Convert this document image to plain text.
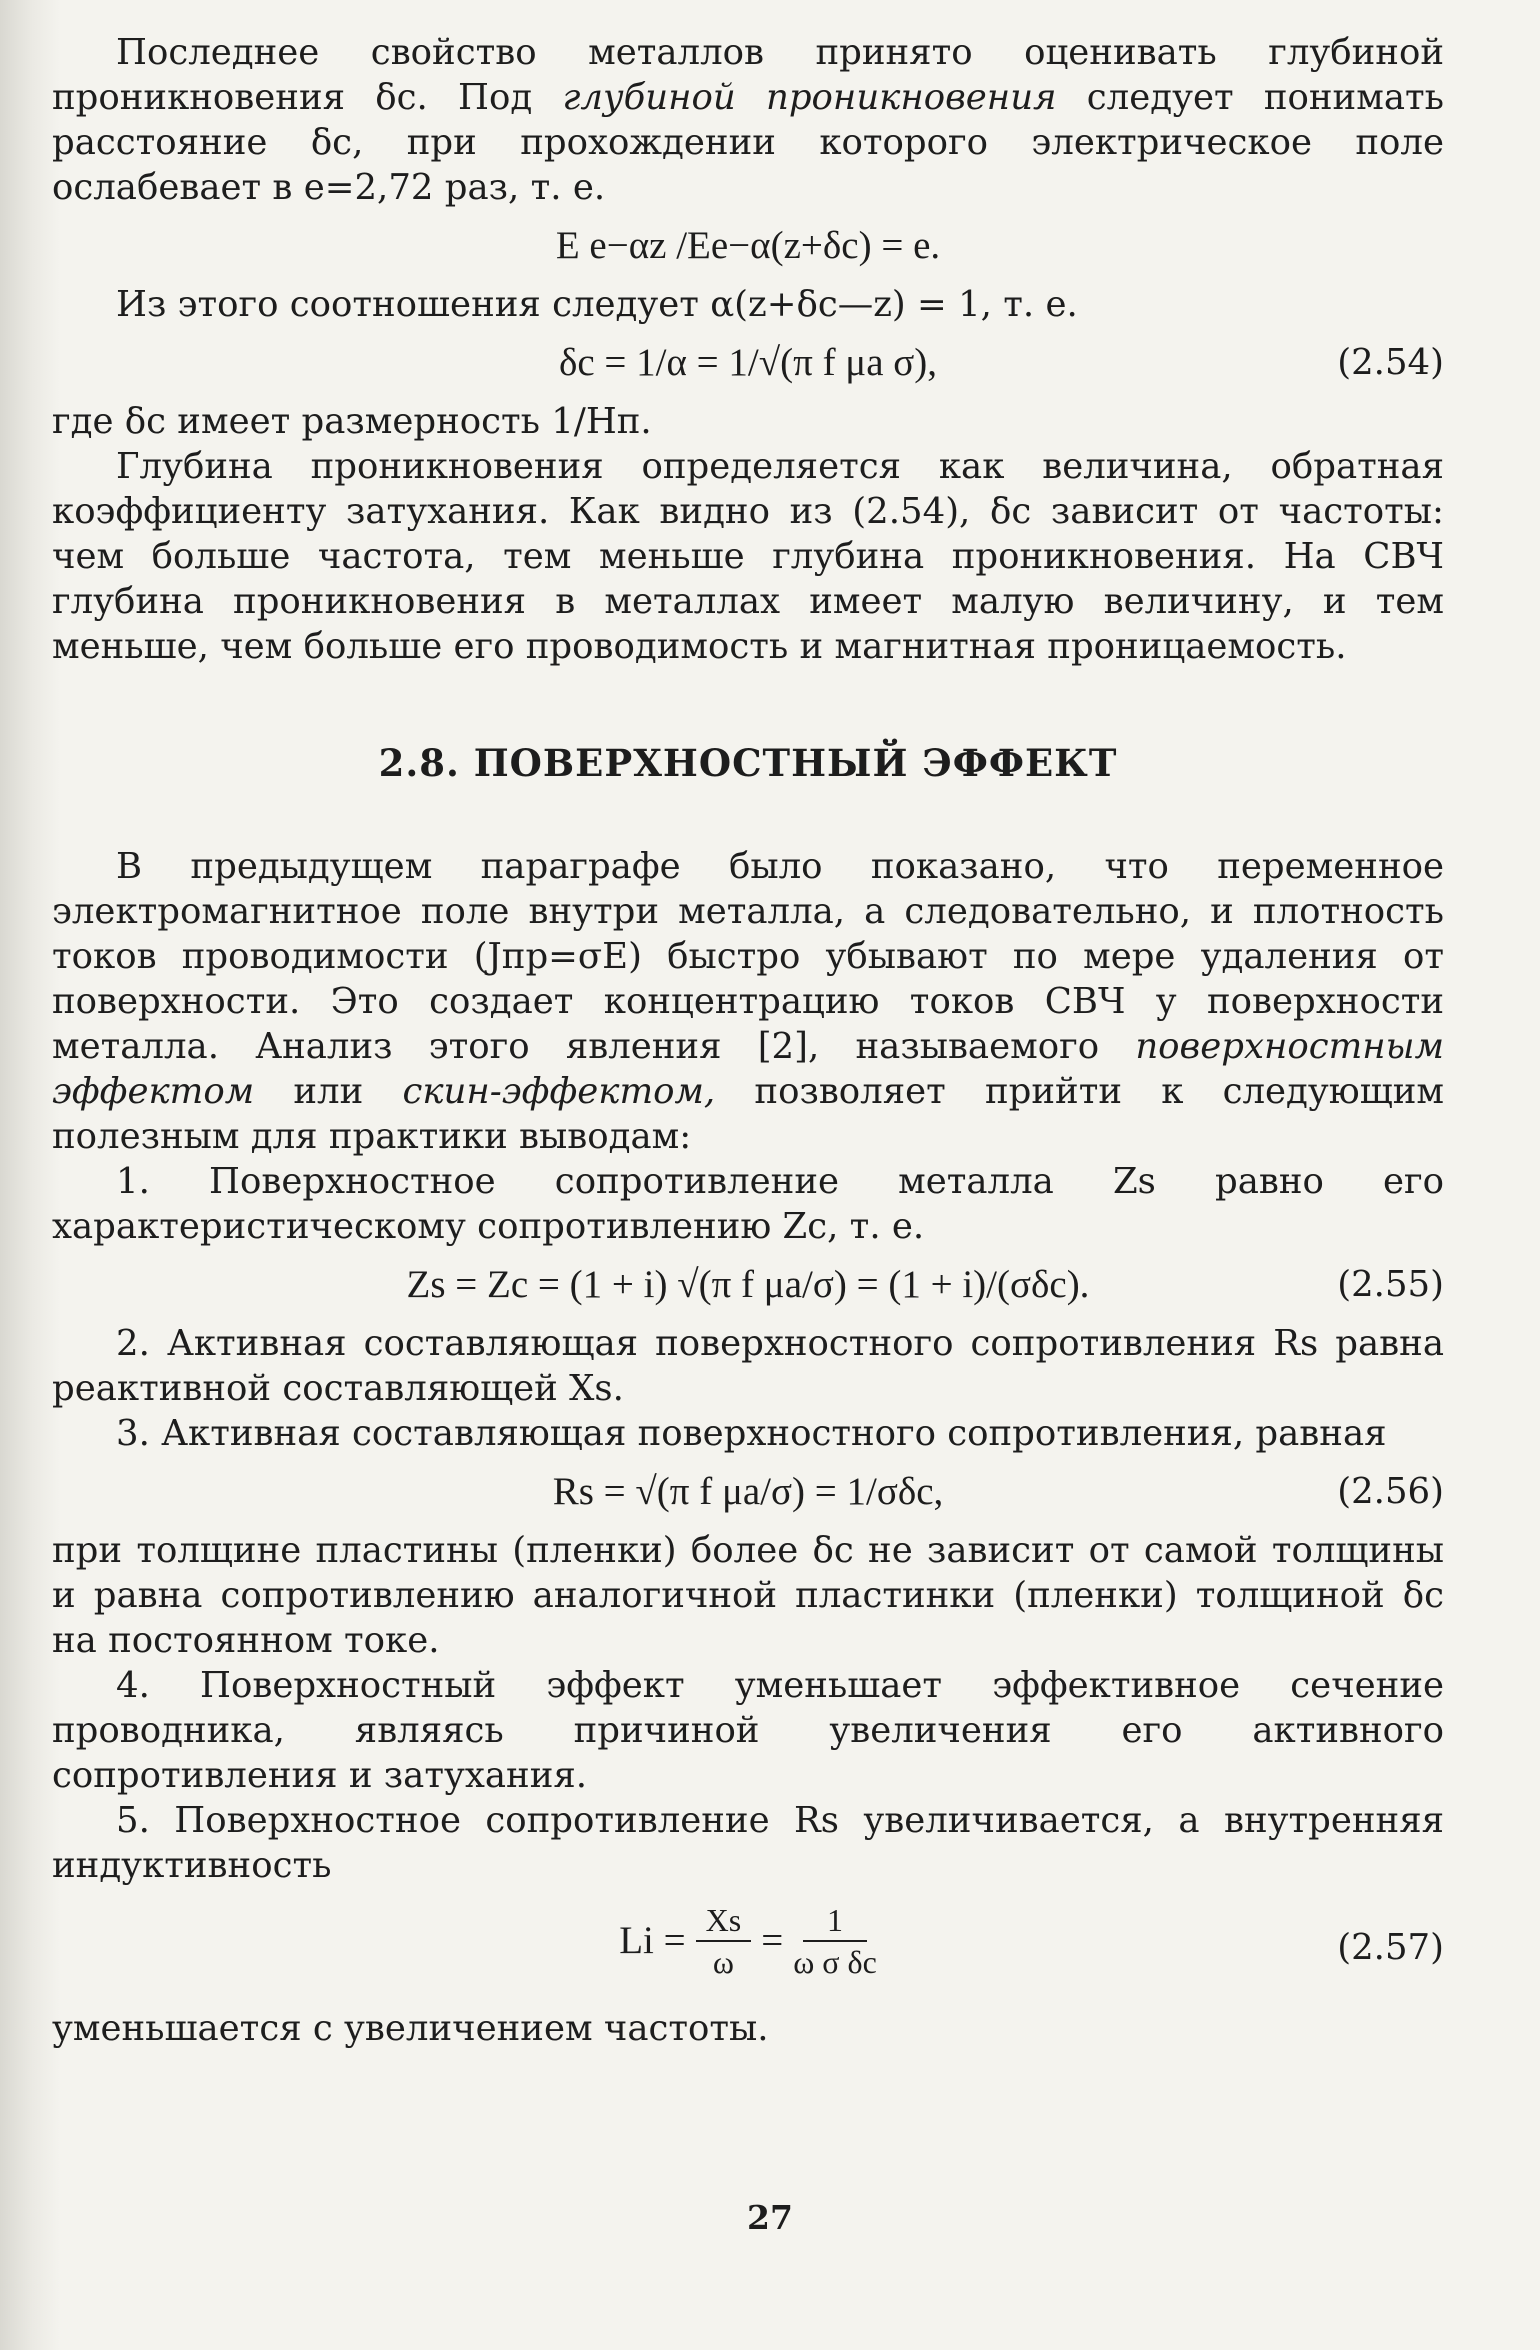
Последнее свойство металлов принято оценивать глубиной проникновения δс. Под глубиной проникновения следует понимать расстояние δс, при прохождении которого электрическое поле ослабевает в e=2,72 раз, т. е.

E e−αz /Ee−α(z+δc) = e.

Из этого соотношения следует α(z+δc—z) = 1, т. е.

δc = 1/α = 1/√(π f μa σ),	(2.54)

где δс имеет размерность 1/Нп.

Глубина проникновения определяется как величина, обратная коэффициенту затухания. Как видно из (2.54), δс зависит от частоты: чем больше частота, тем меньше глубина проникновения. На СВЧ глубина проникновения в металлах имеет малую величину, и тем меньше, чем больше его проводимость и магнитная проницаемость.

2.8. ПОВЕРХНОСТНЫЙ ЭФФЕКТ

В предыдущем параграфе было показано, что переменное электромагнитное поле внутри металла, а следовательно, и плотность токов проводимости (Jпр=σE) быстро убывают по мере удаления от поверхности. Это создает концентрацию токов СВЧ у поверхности металла. Анализ этого явления [2], называемого поверхностным эффектом или скин-эффектом, позволяет прийти к следующим полезным для практики выводам:

1. Поверхностное сопротивление металла Zs равно его характеристическому сопротивлению Zc, т. е.

Zs = Zc = (1 + i) √(π f μa/σ) = (1 + i)/(σδc).	(2.55)

2. Активная составляющая поверхностного сопротивления Rs равна реактивной составляющей Xs.

3. Активная составляющая поверхностного сопротивления, равная

Rs = √(π f μa/σ) = 1/σδc,	(2.56)

при толщине пластины (пленки) более δс не зависит от самой толщины и равна сопротивлению аналогичной пластинки (пленки) толщиной δс на постоянном токе.

4. Поверхностный эффект уменьшает эффективное сечение проводника, являясь причиной увеличения его активного сопротивления и затухания.

5. Поверхностное сопротивление Rs увеличивается, а внутренняя индуктивность

$Li = \frac{Xs}{\omega} = \frac{1}{\text{ω σ δc}}$	(2.57)

уменьшается с увеличением частоты.

27
